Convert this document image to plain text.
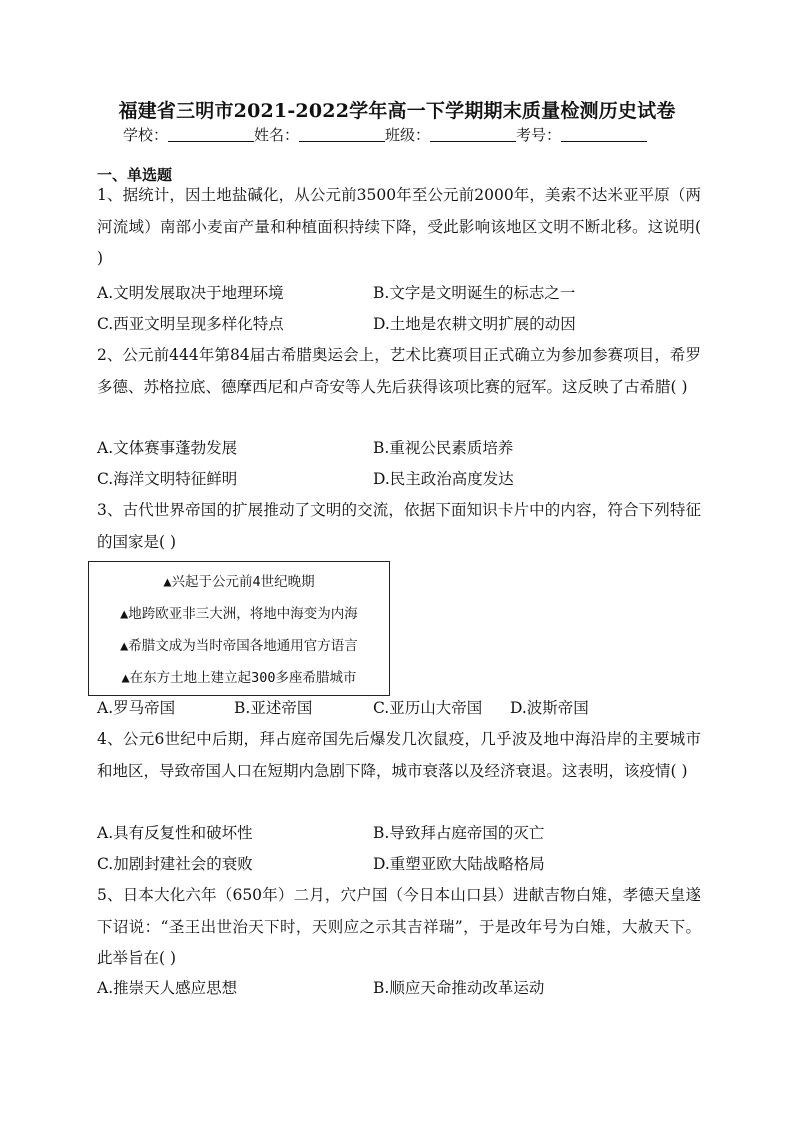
福建省三明市2021-2022学年高一下学期期末质量检测历史试卷
学校：	姓名：	班级：	考号：
一、单选题
1、据统计，因土地盐碱化，从公元前3500年至公元前2000年，美索不达米亚平原（两河流域）南部小麦亩产量和种植面积持续下降，受此影响该地区文明不断北移。这说明( )
A.文明发展取决于地理环境	B.文字是文明诞生的标志之一
C.西亚文明呈现多样化特点	D.土地是农耕文明扩展的动因
2、公元前444年第84届古希腊奥运会上，艺术比赛项目正式确立为参加参赛项目，希罗多德、苏格拉底、德摩西尼和卢奇安等人先后获得该项比赛的冠军。这反映了古希腊( )
A.文体赛事蓬勃发展	B.重视公民素质培养
C.海洋文明特征鲜明	D.民主政治高度发达
3、古代世界帝国的扩展推动了文明的交流，依据下面知识卡片中的内容，符合下列特征的国家是( )
▲兴起于公元前4世纪晚期
▲地跨欧亚非三大洲，将地中海变为内海
▲希腊文成为当时帝国各地通用官方语言
▲在东方土地上建立起300多座希腊城市
A.罗马帝国	B.亚述帝国	C.亚历山大帝国 D.波斯帝国
4、公元6世纪中后期，拜占庭帝国先后爆发几次鼠疫，几乎波及地中海沿岸的主要城市和地区，导致帝国人口在短期内急剧下降，城市衰落以及经济衰退。这表明，该疫情( )
A.具有反复性和破坏性	B.导致拜占庭帝国的灭亡
C.加剧封建社会的衰败	D.重塑亚欧大陆战略格局
5、日本大化六年（650年）二月，穴户国（今日本山口县）进献吉物白雉，孝德天皇遂下诏说：“圣王出世治天下时，天则应之示其吉祥瑞”，于是改年号为白雉，大赦天下。此举旨在( )
A.推崇天人感应思想	B.顺应天命推动改革运动
